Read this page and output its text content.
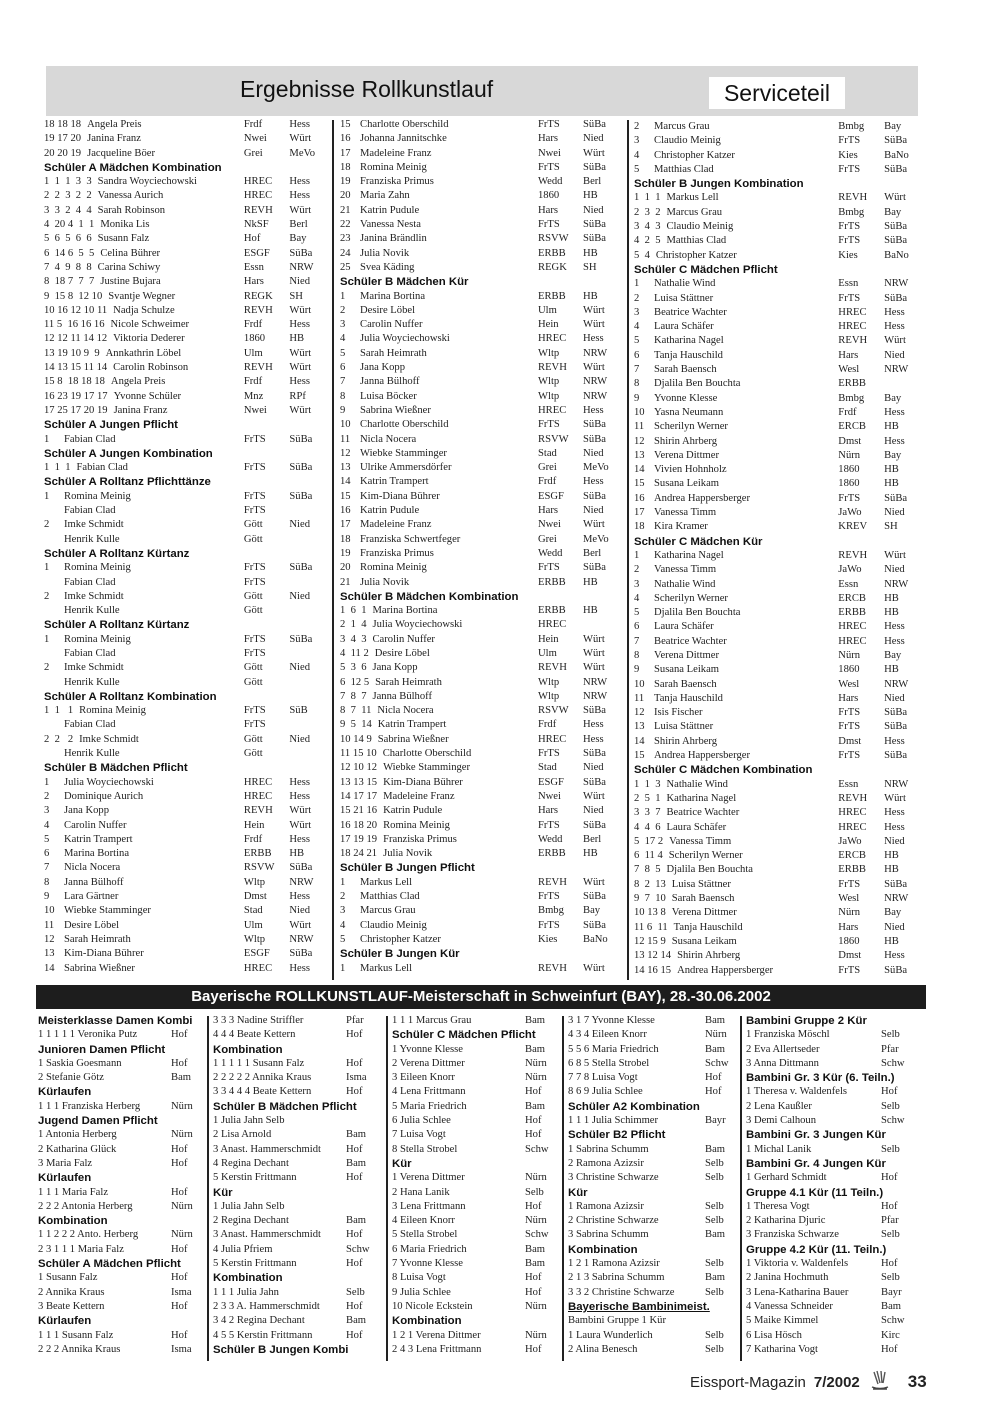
Ergebnisse Rollkunstlauf	Serviceteil
18 18 18 Angela Preis	Frdf	Hess
19 17 20 Janina Franz	Nwei	Würt
20 20 19 Jacqueline Böer	Grei	MeVo
Schüler A Mädchen Kombination
1  1  1  3  3 Sandra Woyciechowski	HREC	Hess
2  2  3  2  2 Vanessa Aurich	HREC	Hess
3  3  2  4  4 Sarah Robinson	REVH	Würt
4  20 4  1  1 Monika Lis	NkSF	Berl
5  6  5  6  6 Susann Falz	Hof	Bay
6  14 6  5  5 Celina Bührer	ESGF	SüBa
7  4  9  8  8 Carina Schiwy	Essn	NRW
8  18 7  7  7 Justine Bujara	Hars	Nied
9  15 8  12 10 Svantje Wegner	REGK	SH
10 16 12 10 11 Nadja Schulze	REVH	Würt
11 5  16 16 16 Nicole Schweimer	Frdf	Hess
12 12 11 14 12 Viktoria Dederer	1860	HB
13 19 10 9  9 Annkathrin Löbel	Ulm	Würt
14 13 15 11 14 Carolin Robinson	REVH	Würt
15 8  18 18 18 Angela Preis	Frdf	Hess
16 23 19 17 17 Yvonne Schüler	Mnz	RPf
17 25 17 20 19 Janina Franz	Nwei	Würt
Schüler A Jungen Pflicht
1 Fabian Clad	FrTS	SüBa
Schüler A Jungen Kombination
1  1  1 Fabian Clad	FrTS	SüBa
Schüler A Rolltanz Pflichttänze
1 Romina Meinig	FrTS	SüBa
Fabian Clad	FrTS
2 Imke Schmidt	Gött	Nied
Henrik Kulle	Gött
Schüler A Rolltanz Kürtanz
1 Romina Meinig	FrTS	SüBa
Fabian Clad	FrTS
2 Imke Schmidt	Gött	Nied
Henrik Kulle	Gött
Schüler A Rolltanz Kürtanz
1 Romina Meinig	FrTS	SüBa
Fabian Clad	FrTS
2 Imke Schmidt	Gött	Nied
Henrik Kulle	Gött
Schüler A Rolltanz Kombination
1  1   1 Romina Meinig	FrTS	SüB
Fabian Clad	FrTS
2  2   2 Imke Schmidt	Gött	Nied
Henrik Kulle	Gött
Schüler B Mädchen Pflicht
1 Julia Woyciechowski	HREC	Hess
2 Dominique Aurich	HREC	Hess
3 Jana Kopp	REVH	Würt
4 Carolin Nuffer	Hein	Würt
5 Katrin Trampert	Frdf	Hess
6 Marina Bortina	ERBB	HB
7 Nicla Nocera	RSVW	SüBa
8 Janna Bülhoff	Wltp	NRW
9 Lara Gärtner	Dmst	Hess
10 Wiebke Stamminger	Stad	Nied
11 Desire Löbel	Ulm	Würt
12 Sarah Heimrath	Wltp	NRW
13 Kim-Diana Bührer	ESGF	SüBa
14 Sabrina Wießner	HREC	Hess
15 Charlotte Oberschild	FrTS	SüBa
16 Johanna Jannitschke	Hars	Nied
17 Madeleine Franz	Nwei	Würt
18 Romina Meinig	FrTS	SüBa
19 Franziska Primus	Wedd	Berl
20 Maria Zahn	1860	HB
21 Katrin Pudule	Hars	Nied
22 Vanessa Nesta	FrTS	SüBa
23 Janina Brändlin	RSVW	SüBa
24 Julia Novik	ERBB	HB
25 Svea Käding	REGK	SH
Schüler B Mädchen Kür
1 Marina Bortina	ERBB	HB
2 Desire Löbel	Ulm	Würt
3 Carolin Nuffer	Hein	Würt
4 Julia Woyciechowski	HREC	Hess
5 Sarah Heimrath	Wltp	NRW
6 Jana Kopp	REVH	Würt
7 Janna Bülhoff	Wltp	NRW
8 Luisa Böcker	Wltp	NRW
9 Sabrina Wießner	HREC	Hess
10 Charlotte Oberschild	FrTS	SüBa
11 Nicla Nocera	RSVW	SüBa
12 Wiebke Stamminger	Stad	Nied
13 Ulrike Ammersdörfer	Grei	MeVo
14 Katrin Trampert	Frdf	Hess
15 Kim-Diana Bührer	ESGF	SüBa
16 Katrin Pudule	Hars	Nied
17 Madeleine Franz	Nwei	Würt
18 Franziska Schwertfeger	Grei	MeVo
19 Franziska Primus	Wedd	Berl
20 Romina Meinig	FrTS	SüBa
21 Julia Novik	ERBB	HB
Schüler B Mädchen Kombination
1  6  1 Marina Bortina	ERBB	HB
2  1  4 Julia Woyciechowski	HREC
3  4  3 Carolin Nuffer	Hein	Würt
4  11 2 Desire Löbel	Ulm	Würt
5  3  6 Jana Kopp	REVH	Würt
6  12 5 Sarah Heimrath	Wltp	NRW
7  8  7 Janna Bülhoff	Wltp	NRW
8  7  11 Nicla Nocera	RSVW	SüBa
9  5  14 Katrin Trampert	Frdf	Hess
10 14 9 Sabrina Wießner	HREC	Hess
11 15 10 Charlotte Oberschild	FrTS	SüBa
12 10 12 Wiebke Stamminger	Stad	Nied
13 13 15 Kim-Diana Bührer	ESGF	SüBa
14 17 17 Madeleine Franz	Nwei	Würt
15 21 16 Katrin Pudule	Hars	Nied
16 18 20 Romina Meinig	FrTS	SüBa
17 19 19 Franziska Primus	Wedd	Berl
18 24 21 Julia Novik	ERBB	HB
Schüler B Jungen Pflicht
1 Markus Lell	REVH	Würt
2 Matthias Clad	FrTS	SüBa
3 Marcus Grau	Bmbg	Bay
4 Claudio Meinig	FrTS	SüBa
5 Christopher Katzer	Kies	BaNo
Schüler B Jungen Kür
1 Markus Lell	REVH	Würt
2 Marcus Grau	Bmbg	Bay
3 Claudio Meinig	FrTS	SüBa
4 Christopher Katzer	Kies	BaNo
5 Matthias Clad	FrTS	SüBa
Schüler B Jungen Kombination
1  1  1 Markus Lell	REVH	Würt
2  3  2 Marcus Grau	Bmbg	Bay
3  4  3 Claudio Meinig	FrTS	SüBa
4  2  5 Matthias Clad	FrTS	SüBa
5  4 Christopher Katzer	Kies	BaNo
Schüler C Mädchen Pflicht
1 Nathalie Wind	Essn	NRW
2 Luisa Stättner	FrTS	SüBa
3 Beatrice Wachter	HREC	Hess
4 Laura Schäfer	HREC	Hess
5 Katharina Nagel	REVH	Würt
6 Tanja Hauschild	Hars	Nied
7 Sarah Baensch	Wesl	NRW
8 Djalila Ben Bouchta	ERBB
9 Yvonne Klesse	Bmbg	Bay
10 Yasna Neumann	Frdf	Hess
11 Scherilyn Werner	ERCB	HB
12 Shirin Ahrberg	Dmst	Hess
13 Verena Dittmer	Nürn	Bay
14 Vivien Hohnholz	1860	HB
15 Susana Leikam	1860	HB
16 Andrea Happersberger	FrTS	SüBa
17 Vanessa Timm	JaWo	Nied
18 Kira Kramer	KREV	SH
Schüler C Mädchen Kür
1 Katharina Nagel	REVH	Würt
2 Vanessa Timm	JaWo	Nied
3 Nathalie Wind	Essn	NRW
4 Scherilyn Werner	ERCB	HB
5 Djalila Ben Bouchta	ERBB	HB
6 Laura Schäfer	HREC	Hess
7 Beatrice Wachter	HREC	Hess
8 Verena Dittmer	Nürn	Bay
9 Susana Leikam	1860	HB
10 Sarah Baensch	Wesl	NRW
11 Tanja Hauschild	Hars	Nied
12 Isis Fischer	FrTS	SüBa
13 Luisa Stättner	FrTS	SüBa
14 Shirin Ahrberg	Dmst	Hess
15 Andrea Happersberger	FrTS	SüBa
Schüler C Mädchen Kombination
1  1  3 Nathalie Wind	Essn	NRW
2  5  1 Katharina Nagel	REVH	Würt
3  3  7 Beatrice Wachter	HREC	Hess
4  4  6 Laura Schäfer	HREC	Hess
5  17 2 Vanessa Timm	JaWo	Nied
6  11 4 Scherilyn Werner	ERCB	HB
7  8  5 Djalila Ben Bouchta	ERBB	HB
8  2  13 Luisa Stättner	FrTS	SüBa
9  7  10 Sarah Baensch	Wesl	NRW
10 13 8 Verena Dittmer	Nürn	Bay
11 6  11 Tanja Hauschild	Hars	Nied
12 15 9 Susana Leikam	1860	HB
13 12 14 Shirin Ahrberg	Dmst	Hess
14 16 15 Andrea Happersberger	FrTS	SüBa
Bayerische ROLLKUNSTLAUF-Meisterschaft in Schweinfurt (BAY), 28.-30.06.2002
Meisterklasse Damen Kombi
1 1 1 1 1 Veronika Putz	Hof
Junioren Damen Pflicht
1 Saskia Goesmann	Hof
2 Stefanie Götz	Bam
Kürlaufen
1 1 1 Franziska Herberg	Nürn
Jugend Damen Pflicht
1 Antonia Herberg	Nürn
2 Katharina Glück	Hof
3 Maria Falz	Hof
Kürlaufen
1 1 1 Maria Falz	Hof
2 2 2 Antonia Herberg	Nürn
Kombination
1 1 2 2 2 Anto. Herberg	Nürn
2 3 1 1 1 Maria Falz	Hof
Schüler A Mädchen Pflicht
1 Susann Falz	Hof
2 Annika Kraus	Isma
3 Beate Kettern	Hof
Kürlaufen
1 1 1 Susann Falz	Hof
2 2 2 Annika Kraus	Isma
3 3 3 Nadine Striffler	Pfar
4 4 4 Beate Kettern	Hof
Kombination
1 1 1 1 1 Susann Falz	Hof
2 2 2 2 2 Annika Kraus	Isma
3 3 4 4 4 Beate Kettern	Hof
Schüler B Mädchen Pflicht
1 Julia Jahn Selb
2 Lisa Arnold	Bam
3 Anast. Hammerschmidt	Hof
4 Regina Dechant	Bam
5 Kerstin Frittmann	Hof
Kür
1 Julia Jahn Selb
2 Regina Dechant	Bam
3 Anast. Hammerschmidt	Hof
4 Julia Pfriem	Schw
5 Kerstin Frittmann	Hof
Kombination
1 1 1 Julia Jahn	Selb
2 3 3 A. Hammerschmidt	Hof
3 4 2 Regina Dechant	Bam
4 5 5 Kerstin Frittmann	Hof
Schüler B Jungen Kombi
1 1 1 Marcus Grau	Bam
Schüler C Mädchen Pflicht
1 Yvonne Klesse	Bam
2 Verena Dittmer	Nürn
3 Eileen Knorr	Nürn
4 Lena Frittmann	Hof
5 Maria Friedrich	Bam
6 Julia Schlee	Hof
7 Luisa Vogt	Hof
8 Stella Strobel	Schw
Kür
1 Verena Dittmer	Nürn
2 Hana Lanik	Selb
3 Lena Frittmann	Hof
4 Eileen Knorr	Nürn
5 Stella Strobel	Schw
6 Maria Friedrich	Bam
7 Yvonne Klesse	Bam
8 Luisa Vogt	Hof
9 Julia Schlee	Hof
10 Nicole Eckstein	Nürn
Kombination
1 2 1 Verena Dittmer	Nürn
2 4 3 Lena Frittmann	Hof
3 1 7 Yvonne Klesse	Bam
4 3 4 Eileen Knorr	Nürn
5 5 6 Maria Friedrich	Bam
6 8 5 Stella Strobel	Schw
7 7 8 Luisa Vogt	Hof
8 6 9 Julia Schlee	Hof
Schüler A2 Kombination
1 1 1 Julia Schimmer	Bayr
Schüler B2 Pflicht
1 Sabrina Schumm	Bam
2 Ramona Azizsir	Selb
3 Christine Schwarze	Selb
Kür
1 Ramona Azizsir	Selb
2 Christine Schwarze	Selb
3 Sabrina Schumm	Bam
Kombination
1 2 1 Ramona Azizsir	Selb
2 1 3 Sabrina Schumm	Bam
3 3 2 Christine Schwarze	Selb
Bayerische Bambinimeist.
Bambini Gruppe 1 Kür
1 Laura Wunderlich	Selb
2 Alina Benesch	Selb
Bambini Gruppe 2 Kür
1 Franziska Möschl	Selb
2 Eva Allertseder	Pfar
3 Anna Dittmann	Schw
Bambini Gr. 3 Kür (6. Teiln.)
1 Theresa v. Waldenfels	Hof
2 Lena Kaußler	Selb
3 Demi Calhoun	Schw
Bambini Gr. 3 Jungen Kür
1 Michal Lanik	Selb
Bambini Gr. 4 Jungen Kür
1 Gerhard Schmidt	Hof
Gruppe 4.1 Kür (11 Teiln.)
1 Theresa Vogt	Hof
2 Katharina Djuric	Pfar
3 Franziska Schwarze	Selb
Gruppe 4.2 Kür (11. Teiln.)
1 Viktoria v. Waldenfels	Hof
2 Janina Hochmuth	Selb
3 Lena-Katharina Bauer	Bayr
4 Vanessa Schneider	Bam
5 Maike Kimmel	Schw
6 Lisa Hösch	Kirc
7 Katharina Vogt	Hof
Eissport-Magazin 7/2002	33
